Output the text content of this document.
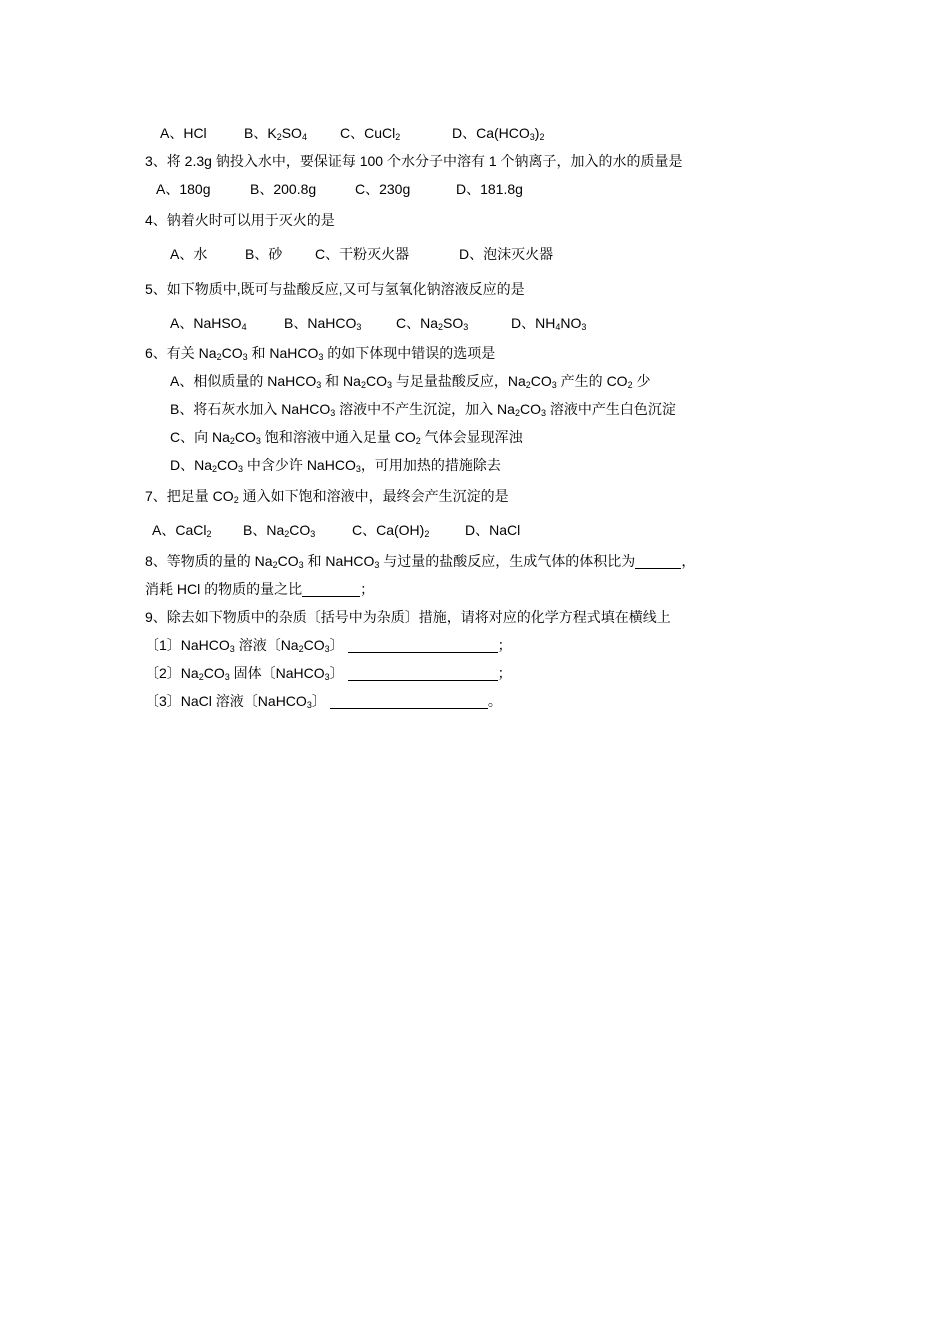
A、HCl	B、$K_2SO_4$ C、CuCl$_2$	D、$Ca(HCO_3)_2$
3、将 2.3g 钠投入水中，要保证每 100 个水分子中溶有 1 个钠离子，加入的水的质量是
A、180g	B、200.8g	C、230g	D、181.8g
4、钠着火时可以用于灭火的是
A、水	B、砂 C、干粉灭火器	D、泡沫灭火器
5、如下物质中,既可与盐酸反应,又可与氢氧化钠溶液反应的是
A、NaHSO$_4$	B、NaHCO$_3$ C、$Na_2SO_3$	D、$NH_4NO_3$
6、有关 $Na_2CO_3$ 和 NaHCO$_3$ 的如下体现中错误的选项是
A、相似质量的 NaHCO$_3$ 和 $Na_2CO_3$ 与足量盐酸反应，$Na_2CO_3$ 产生的 $CO_2$ 少
B、将石灰水加入 NaHCO$_3$ 溶液中不产生沉淀，加入 $Na_2CO_3$ 溶液中产生白色沉淀
C、向 $Na_2CO_3$ 饱和溶液中通入足量 $CO_2$ 气体会显现浑浊
D、$Na_2CO_3$ 中含少许 NaHCO$_3$，可用加热的措施除去
7、把足量 $CO_2$ 通入如下饱和溶液中，最终会产生沉淀的是
A、CaCl$_2$ B、$Na_2CO_3$	C、$Ca(OH)_2$	D、NaCl
8、等物质的量的 $Na_2CO_3$ 和 NaHCO$_3$ 与过量的盐酸反应，生成气体的体积比为	，
消耗 HCl 的物质的量之比	；
9、除去如下物质中的杂质〔括号中为杂质〕措施，请将对应的化学方程式填在横线上
〔1〕NaHCO$_3$ 溶液〔$Na_2CO_3$〕	；
〔2〕$Na_2CO_3$ 固体〔NaHCO$_3$〕	；
〔3〕NaCl 溶液〔NaHCO$_3$〕	。
